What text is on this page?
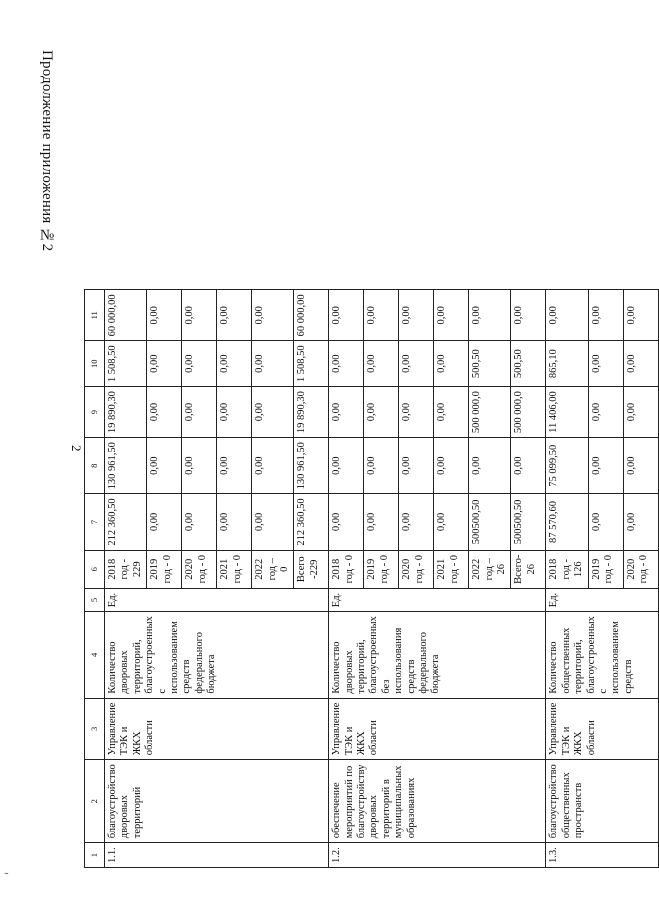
Продолжение приложения №2
2
...
1	2	3	4	5	6	7	8	9	10	11
1.1.	благоустройство дворовых территорий	Управление ТЭК и ЖКХ области	Количество дворовых территорий, благоустроенных с использованием средств федерального бюджета	Ед.	2018 год - 229	212 360,50	130 961,50	19 890,30	1 508,50	60 000,00
					2019 год - 0	0,00	0,00	0,00	0,00	0,00
					2020 год - 0	0,00	0,00	0,00	0,00	0,00
					2021 год - 0	0,00	0,00	0,00	0,00	0,00
					2022 год – 0	0,00	0,00	0,00	0,00	0,00
					Всего -229	212 360,50	130 961,50	19 890,30	1 508,50	60 000,00
1.2.	обеспечение мероприятий по благоустройству дворовых территорий в муниципальных образованиях	Управление ТЭК и ЖКХ области	Количество дворовых территорий, благоустроенных без использования средств федерального бюджета	Ед.	2018 год - 0	0,00	0,00	0,00	0,00	0,00
					2019 год - 0	0,00	0,00	0,00	0,00	0,00
					2020 год - 0	0,00	0,00	0,00	0,00	0,00
					2021 год - 0	0,00	0,00	0,00	0,00	0,00
					2022 год – 26	500500,50	0,00	500 000,0	500,50	0,00
					Всего- 26	500500,50	0,00	500 000,0	500,50	0,00
1.3.	благоустройство общественных пространств	Управление ТЭК и ЖКХ области	Количество общественных территорий, благоустроенных с использованием средств	Ед.	2018 год - 126	87 570,60	75 099,50	11 406,00	865,10	0,00
					2019 год - 0	0,00	0,00	0,00	0,00	0,00
					2020 год - 0	0,00	0,00	0,00	0,00	0,00
